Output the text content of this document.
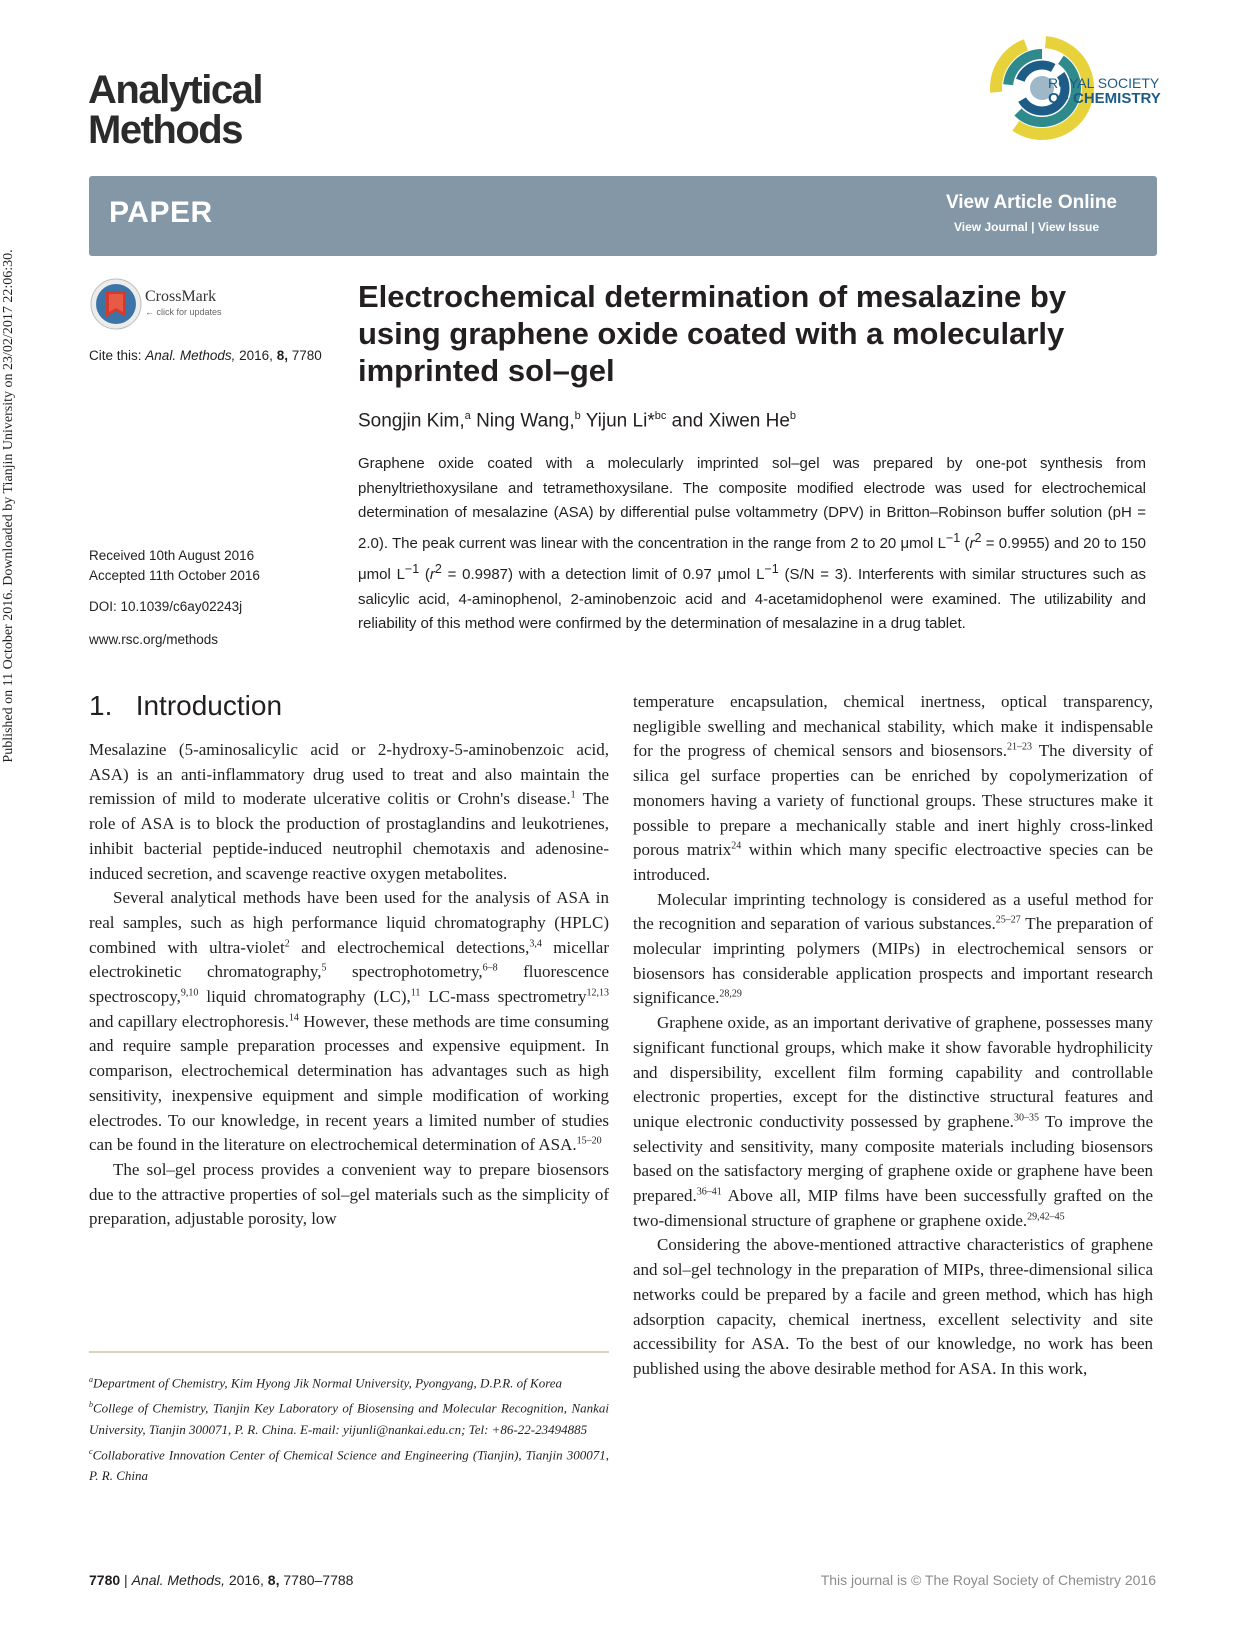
Published on 11 October 2016. Downloaded by Tianjin University on 23/02/2017 22:06:30.
Analytical
Methods
ROYAL SOCIETY
OF CHEMISTRY
PAPER	View Article Online
View Journal | View Issue
CrossMark
← click for updates
Cite this: Anal. Methods, 2016, 8, 7780
Received 10th August 2016
Accepted 11th October 2016
DOI: 10.1039/c6ay02243j
www.rsc.org/methods
Electrochemical determination of mesalazine by using graphene oxide coated with a molecularly imprinted sol–gel
Songjin Kim,$^a$ Ning Wang,$^b$ Yijun Li*$^{bc}$ and Xiwen He$^b$
Graphene oxide coated with a molecularly imprinted sol–gel was prepared by one-pot synthesis from phenyltriethoxysilane and tetramethoxysilane. The composite modified electrode was used for electrochemical determination of mesalazine (ASA) by differential pulse voltammetry (DPV) in Britton–Robinson buffer solution (pH = 2.0). The peak current was linear with the concentration in the range from 2 to 20 μmol $L^{-1}$ $(r^2 = 0.9955)$ and 20 to 150 μmol $L^{-1}$ $(r^2 = 0.9987)$ with a detection limit of 0.97 μmol $L^{-1}$ (S/N = 3). Interferents with similar structures such as salicylic acid, 4-aminophenol, 2-aminobenzoic acid and 4-acetamidophenol were examined. The utilizability and reliability of this method were confirmed by the determination of mesalazine in a drug tablet.
1. Introduction

Mesalazine (5-aminosalicylic acid or 2-hydroxy-5-aminobenzoic acid, ASA) is an anti-inflammatory drug used to treat and also maintain the remission of mild to moderate ulcerative colitis or Crohn's disease.$^1$ The role of ASA is to block the production of prostaglandins and leukotrienes, inhibit bacterial peptide-induced neutrophil chemotaxis and adenosine-induced secretion, and scavenge reactive oxygen metabolites.

Several analytical methods have been used for the analysis of ASA in real samples, such as high performance liquid chromatography (HPLC) combined with ultra-violet$^2$ and electrochemical detections,$^{3,4}$ micellar electrokinetic chromatography,$^5$ spectrophotometry,$^{6-8}$ fluorescence spectroscopy,$^{9,10}$ liquid chromatography (LC),$^{11}$ LC-mass spectrometry$^{12,13}$ and capillary electrophoresis.$^{14}$ However, these methods are time consuming and require sample preparation processes and expensive equipment. In comparison, electrochemical determination has advantages such as high sensitivity, inexpensive equipment and simple modification of working electrodes. To our knowledge, in recent years a limited number of studies can be found in the literature on electrochemical determination of ASA.$^{15-20}$

The sol–gel process provides a convenient way to prepare biosensors due to the attractive properties of sol–gel materials such as the simplicity of preparation, adjustable porosity, low

temperature encapsulation, chemical inertness, optical transparency, negligible swelling and mechanical stability, which make it indispensable for the progress of chemical sensors and biosensors.$^{21-23}$ The diversity of silica gel surface properties can be enriched by copolymerization of monomers having a variety of functional groups. These structures make it possible to prepare a mechanically stable and inert highly cross-linked porous matrix$^{24}$ within which many specific electroactive species can be introduced.

Molecular imprinting technology is considered as a useful method for the recognition and separation of various substances.$^{25-27}$ The preparation of molecular imprinting polymers (MIPs) in electrochemical sensors or biosensors has considerable application prospects and important research significance.$^{28,29}$

Graphene oxide, as an important derivative of graphene, possesses many significant functional groups, which make it show favorable hydrophilicity and dispersibility, excellent film forming capability and controllable electronic properties, except for the distinctive structural features and unique electronic conductivity possessed by graphene.$^{30-35}$ To improve the selectivity and sensitivity, many composite materials including biosensors based on the satisfactory merging of graphene oxide or graphene have been prepared.$^{36-41}$ Above all, MIP films have been successfully grafted on the two-dimensional structure of graphene or graphene oxide.$^{29,42-45}$

Considering the above-mentioned attractive characteristics of graphene and sol–gel technology in the preparation of MIPs, three-dimensional silica networks could be prepared by a facile and green method, which has high adsorption capacity, chemical inertness, excellent selectivity and site accessibility for ASA. To the best of our knowledge, no work has been published using the above desirable method for ASA. In this work,

$^a$Department of Chemistry, Kim Hyong Jik Normal University, Pyongyang, D.P.R. of Korea

$^b$College of Chemistry, Tianjin Key Laboratory of Biosensing and Molecular Recognition, Nankai University, Tianjin 300071, P. R. China. E-mail: yijunli@nankai.edu.cn; Tel: +86-22-23494885

$^c$Collaborative Innovation Center of Chemical Science and Engineering (Tianjin), Tianjin 300071, P. R. China

7780 | Anal. Methods, 2016, 8, 7780–7788	This journal is © The Royal Society of Chemistry 2016
